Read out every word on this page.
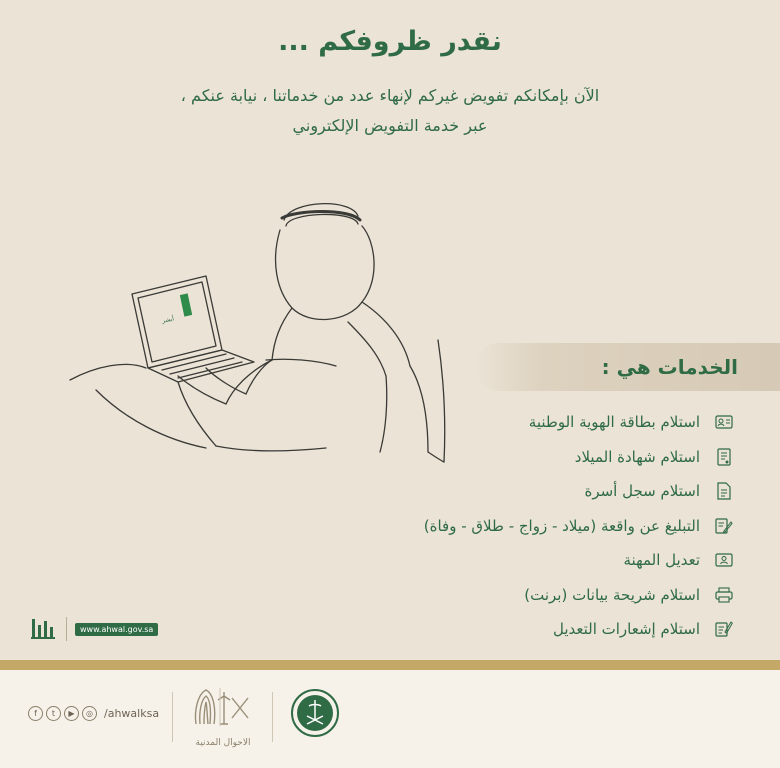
نقدر ظروفكم ...
الآن بإمكانكم تفويض غيركم لإنهاء عدد من خدماتنا ، نيابة عنكم ،
عبر خدمة التفويض الإلكتروني
أبشر
الخدمات هي :
استلام بطاقة الهوية الوطنية
استلام شهادة الميلاد
استلام سجل أسرة
التبليغ عن واقعة (ميلاد - زواج - طلاق - وفاة)
تعديل المهنة
استلام شريحة بيانات (برنت)
استلام إشعارات التعديل
www.ahwal.gov.sa
f	t	▶	◎	/ahwalksa
الاحوال المدنية
